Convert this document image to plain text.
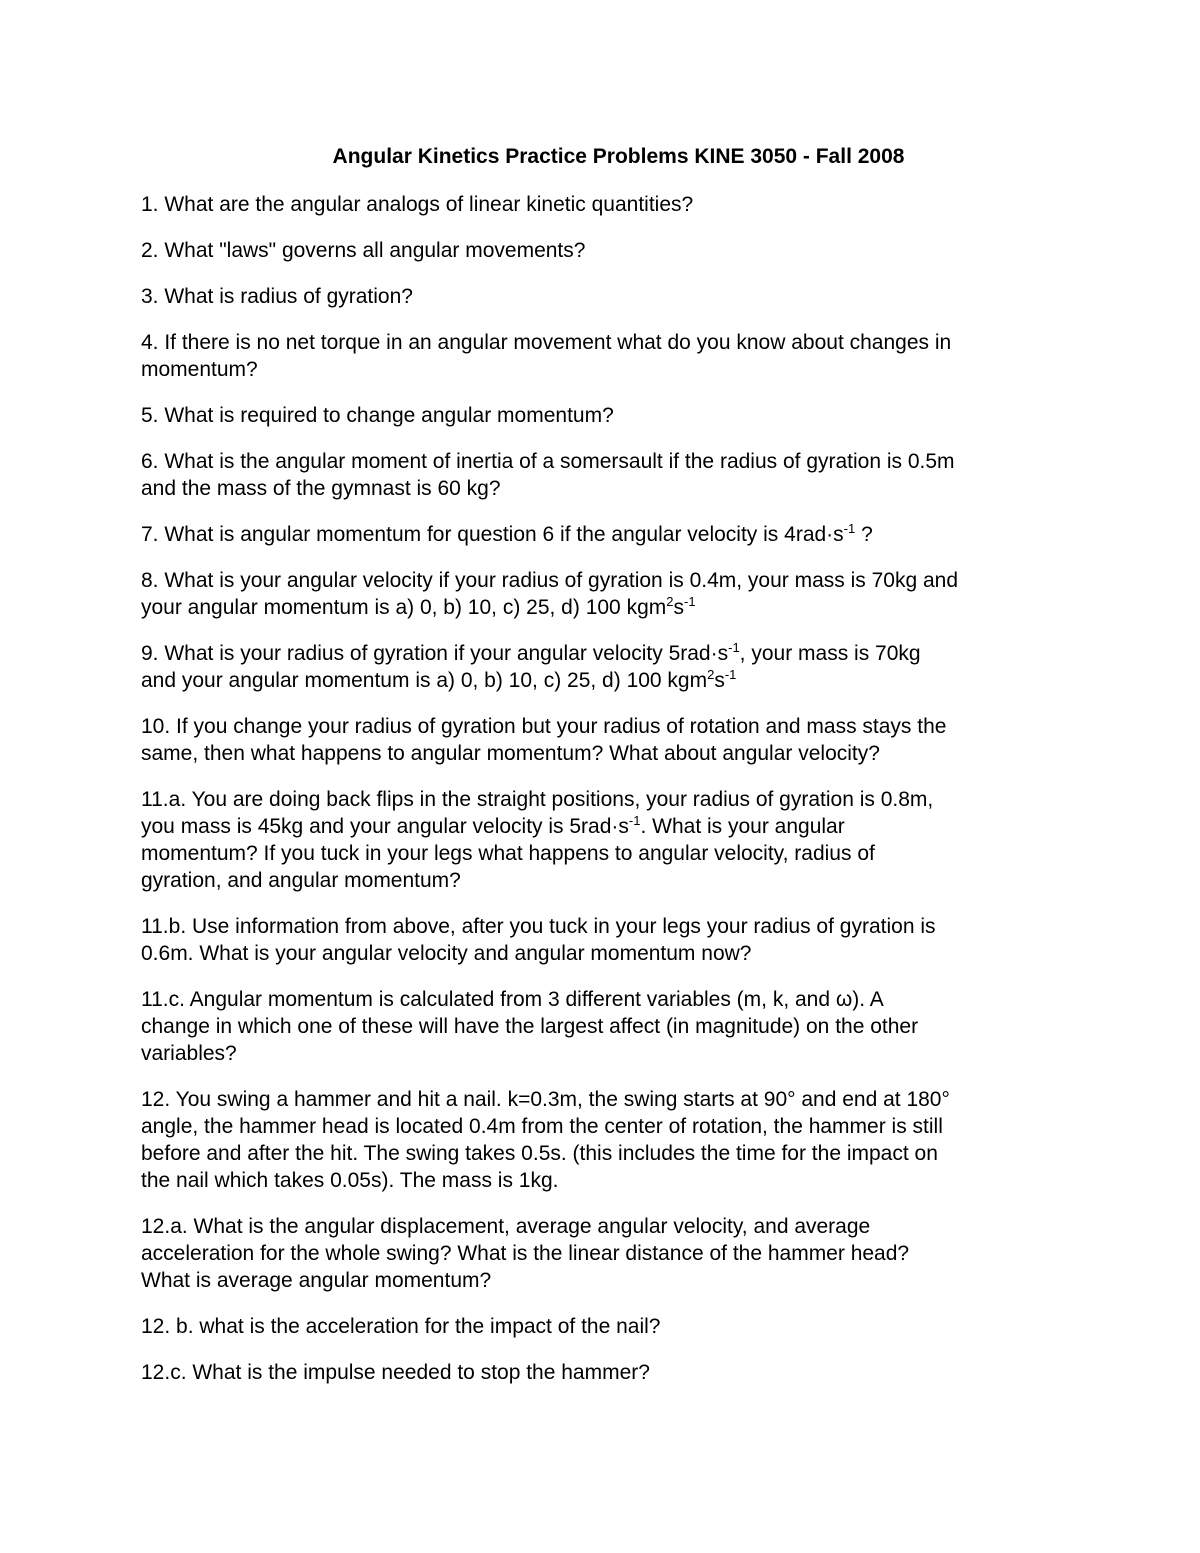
Angular Kinetics Practice Problems KINE 3050 - Fall 2008
1. What are the angular analogs of linear kinetic quantities?
2. What "laws" governs all angular movements?
3. What is radius of gyration?
4. If there is no net torque in an angular movement what do you know about changes in
momentum?
5. What is required to change angular momentum?
6. What is the angular moment of inertia of a somersault if the radius of gyration is 0.5m
and the mass of the gymnast is 60 kg?
7. What is angular momentum for question 6 if the angular velocity is $4rad\cdot s^{-1}$ ?
8. What is your angular velocity if your radius of gyration is 0.4m, your mass is 70kg and
your angular momentum is a) 0, b) 10, c) 25, d) 100 $kgm^2s^{-1}$
9. What is your radius of gyration if your angular velocity $5rad\cdot s^{-1}$, your mass is 70kg
and your angular momentum is a) 0, b) 10, c) 25, d) 100 $kgm^2s^{-1}$
10. If you change your radius of gyration but your radius of rotation and mass stays the
same, then what happens to angular momentum? What about angular velocity?
11.a. You are doing back flips in the straight positions, your radius of gyration is 0.8m,
you mass is 45kg and your angular velocity is $5rad\cdot s^{-1}$. What is your angular
momentum? If you tuck in your legs what happens to angular velocity, radius of
gyration, and angular momentum?
11.b. Use information from above, after you tuck in your legs your radius of gyration is
0.6m. What is your angular velocity and angular momentum now?
11.c. Angular momentum is calculated from 3 different variables (m, k, and ω). A
change in which one of these will have the largest affect (in magnitude) on the other
variables?
12. You swing a hammer and hit a nail. k=0.3m, the swing starts at 90° and end at 180°
angle, the hammer head is located 0.4m from the center of rotation, the hammer is still
before and after the hit. The swing takes 0.5s. (this includes the time for the impact on
the nail which takes 0.05s). The mass is 1kg.
12.a. What is the angular displacement, average angular velocity, and average
acceleration for the whole swing? What is the linear distance of the hammer head?
What is average angular momentum?
12. b. what is the acceleration for the impact of the nail?
12.c. What is the impulse needed to stop the hammer?
